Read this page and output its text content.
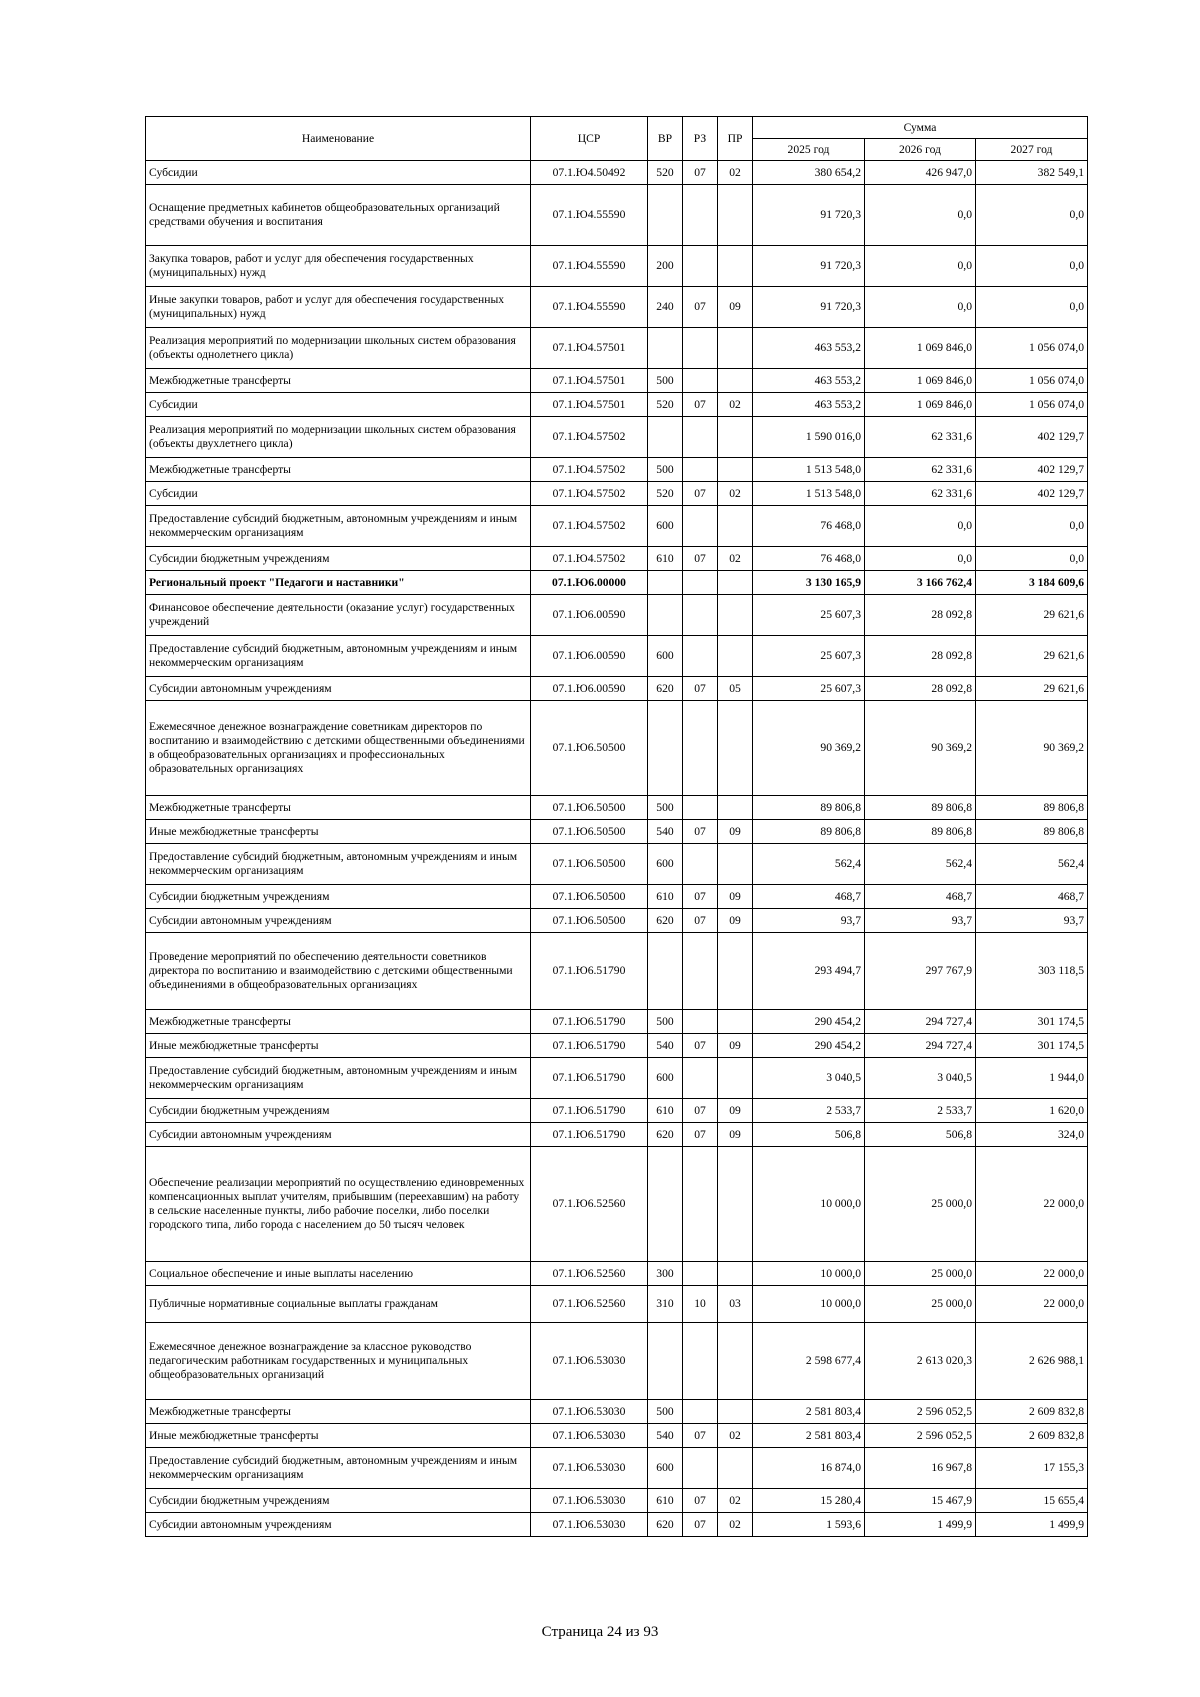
Наименование	ЦСР	ВР	РЗ	ПР	Сумма		
					2025 год	2026 год	2027 год
Субсидии	07.1.Ю4.50492	520	07	02	380 654,2	426 947,0	382 549,1
Оснащение предметных кабинетов общеобразовательных организаций средствами обучения и воспитания	07.1.Ю4.55590				91 720,3	0,0	0,0
Закупка товаров, работ и услуг для обеспечения государственных (муниципальных) нужд	07.1.Ю4.55590	200			91 720,3	0,0	0,0
Иные закупки товаров, работ и услуг для обеспечения государственных (муниципальных) нужд	07.1.Ю4.55590	240	07	09	91 720,3	0,0	0,0
Реализация мероприятий по модернизации школьных систем образования (объекты однолетнего цикла)	07.1.Ю4.57501				463 553,2	1 069 846,0	1 056 074,0
Межбюджетные трансферты	07.1.Ю4.57501	500			463 553,2	1 069 846,0	1 056 074,0
Субсидии	07.1.Ю4.57501	520	07	02	463 553,2	1 069 846,0	1 056 074,0
Реализация мероприятий по модернизации школьных систем образования (объекты двухлетнего цикла)	07.1.Ю4.57502				1 590 016,0	62 331,6	402 129,7
Межбюджетные трансферты	07.1.Ю4.57502	500			1 513 548,0	62 331,6	402 129,7
Субсидии	07.1.Ю4.57502	520	07	02	1 513 548,0	62 331,6	402 129,7
Предоставление субсидий бюджетным, автономным учреждениям и иным некоммерческим организациям	07.1.Ю4.57502	600			76 468,0	0,0	0,0
Субсидии бюджетным учреждениям	07.1.Ю4.57502	610	07	02	76 468,0	0,0	0,0
Региональный проект "Педагоги и наставники"	07.1.Ю6.00000				3 130 165,9	3 166 762,4	3 184 609,6
Финансовое обеспечение деятельности (оказание услуг) государственных учреждений	07.1.Ю6.00590				25 607,3	28 092,8	29 621,6
Предоставление субсидий бюджетным, автономным учреждениям и иным некоммерческим организациям	07.1.Ю6.00590	600			25 607,3	28 092,8	29 621,6
Субсидии автономным учреждениям	07.1.Ю6.00590	620	07	05	25 607,3	28 092,8	29 621,6
Ежемесячное денежное вознаграждение советникам директоров по воспитанию и взаимодействию с детскими общественными объединениями в общеобразовательных организациях и профессиональных образовательных организациях	07.1.Ю6.50500				90 369,2	90 369,2	90 369,2
Межбюджетные трансферты	07.1.Ю6.50500	500			89 806,8	89 806,8	89 806,8
Иные межбюджетные трансферты	07.1.Ю6.50500	540	07	09	89 806,8	89 806,8	89 806,8
Предоставление субсидий бюджетным, автономным учреждениям и иным некоммерческим организациям	07.1.Ю6.50500	600			562,4	562,4	562,4
Субсидии бюджетным учреждениям	07.1.Ю6.50500	610	07	09	468,7	468,7	468,7
Субсидии автономным учреждениям	07.1.Ю6.50500	620	07	09	93,7	93,7	93,7
Проведение мероприятий по обеспечению деятельности советников директора по воспитанию и взаимодействию с детскими общественными объединениями в общеобразовательных организациях	07.1.Ю6.51790				293 494,7	297 767,9	303 118,5
Межбюджетные трансферты	07.1.Ю6.51790	500			290 454,2	294 727,4	301 174,5
Иные межбюджетные трансферты	07.1.Ю6.51790	540	07	09	290 454,2	294 727,4	301 174,5
Предоставление субсидий бюджетным, автономным учреждениям и иным некоммерческим организациям	07.1.Ю6.51790	600			3 040,5	3 040,5	1 944,0
Субсидии бюджетным учреждениям	07.1.Ю6.51790	610	07	09	2 533,7	2 533,7	1 620,0
Субсидии автономным учреждениям	07.1.Ю6.51790	620	07	09	506,8	506,8	324,0
Обеспечение реализации мероприятий по осуществлению единовременных компенсационных выплат учителям, прибывшим (переехавшим) на работу в сельские населенные пункты, либо рабочие поселки, либо поселки городского типа, либо города с населением до 50 тысяч человек	07.1.Ю6.52560				10 000,0	25 000,0	22 000,0
Социальное обеспечение и иные выплаты населению	07.1.Ю6.52560	300			10 000,0	25 000,0	22 000,0
Публичные нормативные социальные выплаты гражданам	07.1.Ю6.52560	310	10	03	10 000,0	25 000,0	22 000,0
Ежемесячное денежное вознаграждение за классное руководство педагогическим работникам государственных и муниципальных общеобразовательных организаций	07.1.Ю6.53030				2 598 677,4	2 613 020,3	2 626 988,1
Межбюджетные трансферты	07.1.Ю6.53030	500			2 581 803,4	2 596 052,5	2 609 832,8
Иные межбюджетные трансферты	07.1.Ю6.53030	540	07	02	2 581 803,4	2 596 052,5	2 609 832,8
Предоставление субсидий бюджетным, автономным учреждениям и иным некоммерческим организациям	07.1.Ю6.53030	600			16 874,0	16 967,8	17 155,3
Субсидии бюджетным учреждениям	07.1.Ю6.53030	610	07	02	15 280,4	15 467,9	15 655,4
Субсидии автономным учреждениям	07.1.Ю6.53030	620	07	02	1 593,6	1 499,9	1 499,9
Страница 24 из 93
